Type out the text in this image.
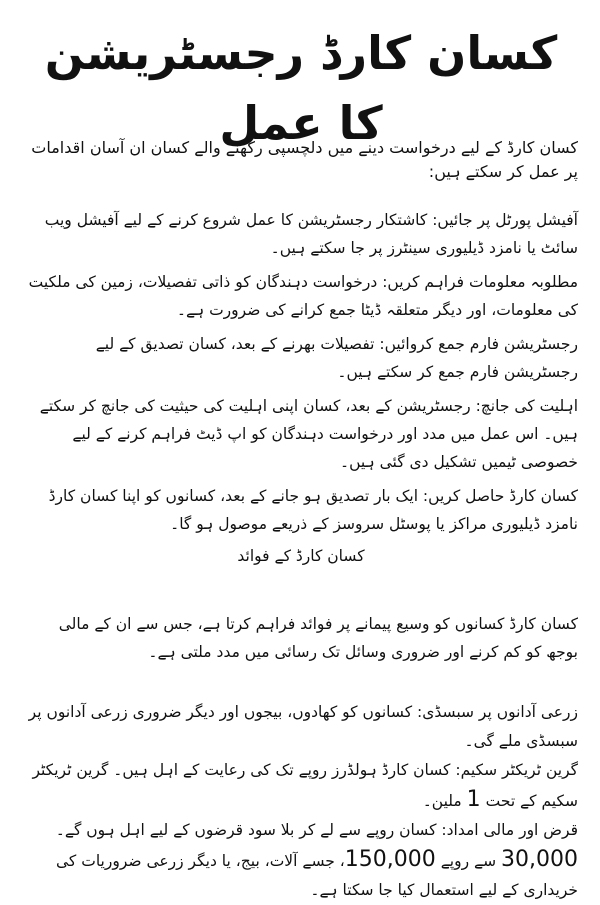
کسان کارڈ رجسٹریشن کا عمل

کسان کارڈ کے لیے درخواست دینے میں دلچسپی رکھنے والے کسان ان آسان اقدامات پر عمل کر سکتے ہیں:

آفیشل پورٹل پر جائیں: کاشتکار رجسٹریشن کا عمل شروع کرنے کے لیے آفیشل ویب سائٹ یا نامزد ڈیلیوری سینٹرز پر جا سکتے ہیں۔

مطلوبہ معلومات فراہم کریں: درخواست دہندگان کو ذاتی تفصیلات، زمین کی ملکیت کی معلومات، اور دیگر متعلقہ ڈیٹا جمع کرانے کی ضرورت ہے۔

رجسٹریشن فارم جمع کروائیں: تفصیلات بھرنے کے بعد، کسان تصدیق کے لیے رجسٹریشن فارم جمع کر سکتے ہیں۔

اہلیت کی جانچ: رجسٹریشن کے بعد، کسان اپنی اہلیت کی حیثیت کی جانچ کر سکتے ہیں۔ اس عمل میں مدد اور درخواست دہندگان کو اپ ڈیٹ فراہم کرنے کے لیے خصوصی ٹیمیں تشکیل دی گئی ہیں۔

کسان کارڈ حاصل کریں: ایک بار تصدیق ہو جانے کے بعد، کسانوں کو اپنا کسان کارڈ نامزد ڈیلیوری مراکز یا پوسٹل سروسز کے ذریعے موصول ہو گا۔

کسان کارڈ کے فوائد

کسان کارڈ کسانوں کو وسیع پیمانے پر فوائد فراہم کرتا ہے، جس سے ان کے مالی بوجھ کو کم کرنے اور ضروری وسائل تک رسائی میں مدد ملتی ہے۔

زرعی آدانوں پر سبسڈی: کسانوں کو کھادوں، بیجوں اور دیگر ضروری زرعی آدانوں پر سبسڈی ملے گی۔

گرین ٹریکٹر سکیم: کسان کارڈ ہولڈرز روپے تک کی رعایت کے اہل ہیں۔ گرین ٹریکٹر سکیم کے تحت 1 ملین۔

قرض اور مالی امداد: کسان روپے سے لے کر بلا سود قرضوں کے لیے اہل ہوں گے۔ 30,000 سے روپے 150,000، جسے آلات، بیج، یا دیگر زرعی ضروریات کی خریداری کے لیے استعمال کیا جا سکتا ہے۔
